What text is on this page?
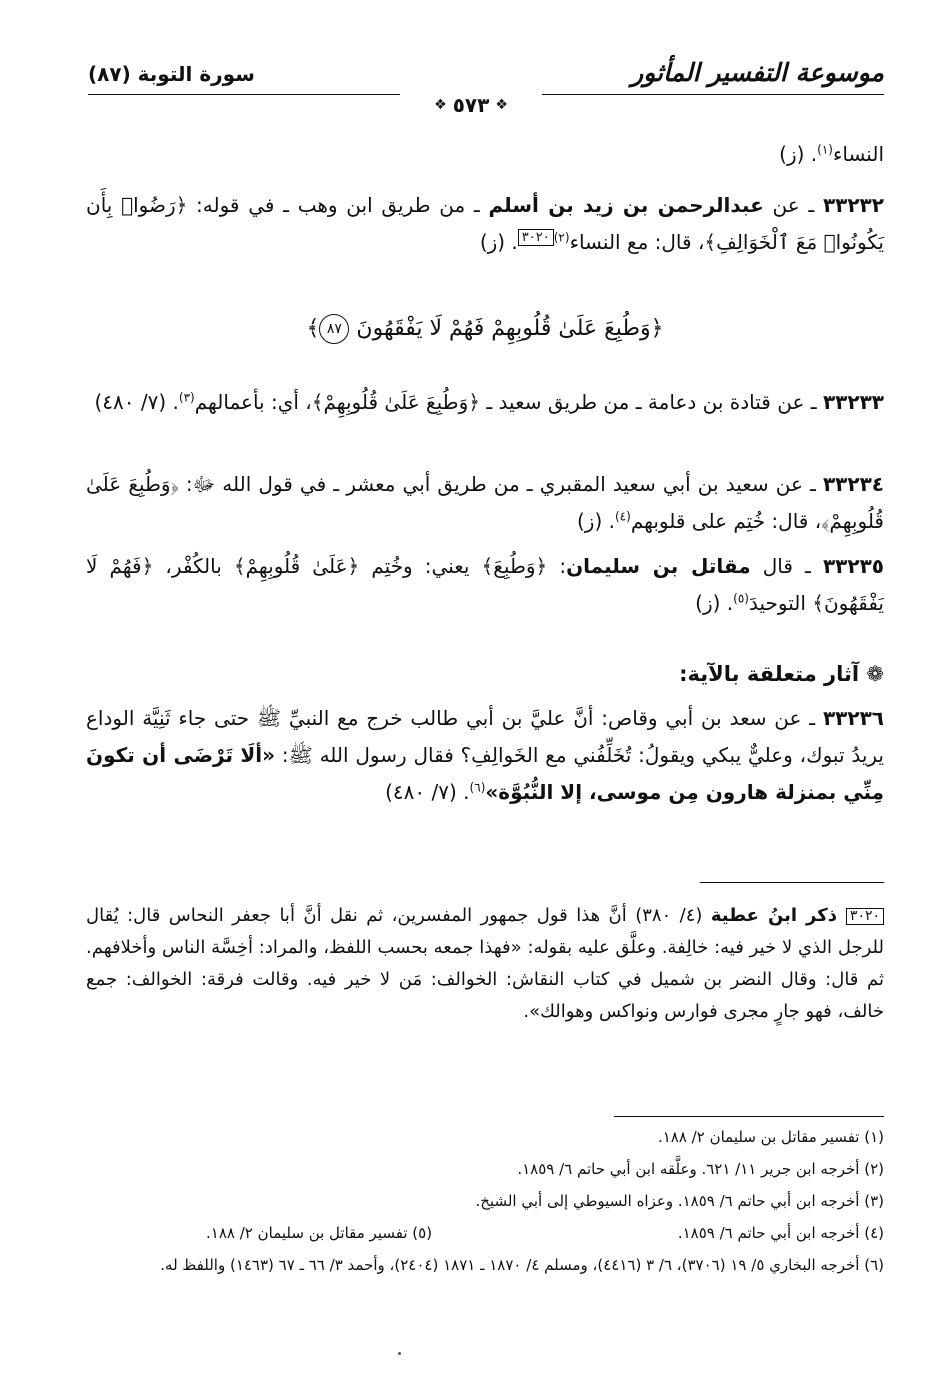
موسوعة التفسير المأثور
سورة التوبة (٨٧)
❖
٥٧٣
❖
النساء$^{(١)}$. (ز)
٣٣٢٣٢ ـ عن عبدالرحمن بن زيد بن أسلم ـ من طريق ابن وهب ـ في قوله: ﴿رَضُوا۟ بِأَن يَكُونُوا۟ مَعَ ٱلْخَوَالِفِ﴾، قال: مع النساء$^{(٢)}$٣٠٢٠. (ز)
﴿وَطُبِعَ عَلَىٰ قُلُوبِهِمْ فَهُمْ لَا يَفْقَهُونَ ٨٧﴾
٣٣٢٣٣ ـ عن قتادة بن دعامة ـ من طريق سعيد ـ ﴿وَطُبِعَ عَلَىٰ قُلُوبِهِمْ﴾، أي: بأعمالهم$^{(٣)}$. (٧/ ٤٨٠)
٣٣٢٣٤ ـ عن سعيد بن أبي سعيد المقبري ـ من طريق أبي معشر ـ في قول الله ﷻ: ﴿وَطُبِعَ عَلَىٰ قُلُوبِهِمْ﴾، قال: خُتِم على قلوبهم$^{(٤)}$. (ز)
٣٣٢٣٥ ـ قال مقاتل بن سليمان: ﴿وَطُبِعَ﴾ يعني: وخُتِم ﴿عَلَىٰ قُلُوبِهِمْ﴾ بالكُفْر، ﴿فَهُمْ لَا يَفْقَهُونَ﴾ التوحيدَ$^{(٥)}$. (ز)
❁ آثار متعلقة بالآية:
٣٣٢٣٦ ـ عن سعد بن أبي وقاص: أنَّ عليَّ بن أبي طالب خرج مع النبيِّ ﷺ حتى جاء ثَنِيَّة الوداع يريدُ تبوك، وعليٌّ يبكي ويقولُ: تُخَلِّفُني مع الخَوالِفِ؟ فقال رسول الله ﷺ: «ألَا تَرْضَى أن تكونَ مِنِّي بمنزلة هارون مِن موسى، إلا النُّبُوَّة»$^{(٦)}$. (٧/ ٤٨٠)
٣٠٢٠ ذكر ابنُ عطية (٤/ ٣٨٠) أنَّ هذا قول جمهور المفسرين، ثم نقل أنَّ أبا جعفر النحاس قال: يُقال للرجل الذي لا خير فيه: خالِفة. وعلَّق عليه بقوله: «فهذا جمعه بحسب اللفظ، والمراد: أخِسَّة الناس وأخلافهم. ثم قال: وقال النضر بن شميل في كتاب النقاش: الخوالف: مَن لا خير فيه. وقالت فرقة: الخوالف: جمع خالف، فهو جارٍ مجرى فوارس ونواكس وهوالك».
(١) تفسير مقاتل بن سليمان ٢/ ١٨٨.
(٢) أخرجه ابن جرير ١١/ ٦٢١. وعلَّقه ابن أبي حاتم ٦/ ١٨٥٩.
(٣) أخرجه ابن أبي حاتم ٦/ ١٨٥٩. وعزاه السيوطي إلى أبي الشيخ.
(٤) أخرجه ابن أبي حاتم ٦/ ١٨٥٩.
(٥) تفسير مقاتل بن سليمان ٢/ ١٨٨.
(٦) أخرجه البخاري ٥/ ١٩ (٣٧٠٦)، ٦/ ٣ (٤٤١٦)، ومسلم ٤/ ١٨٧٠ ـ ١٨٧١ (٢٤٠٤)، وأحمد ٣/ ٦٦ ـ ٦٧ (١٤٦٣) واللفظ له.
